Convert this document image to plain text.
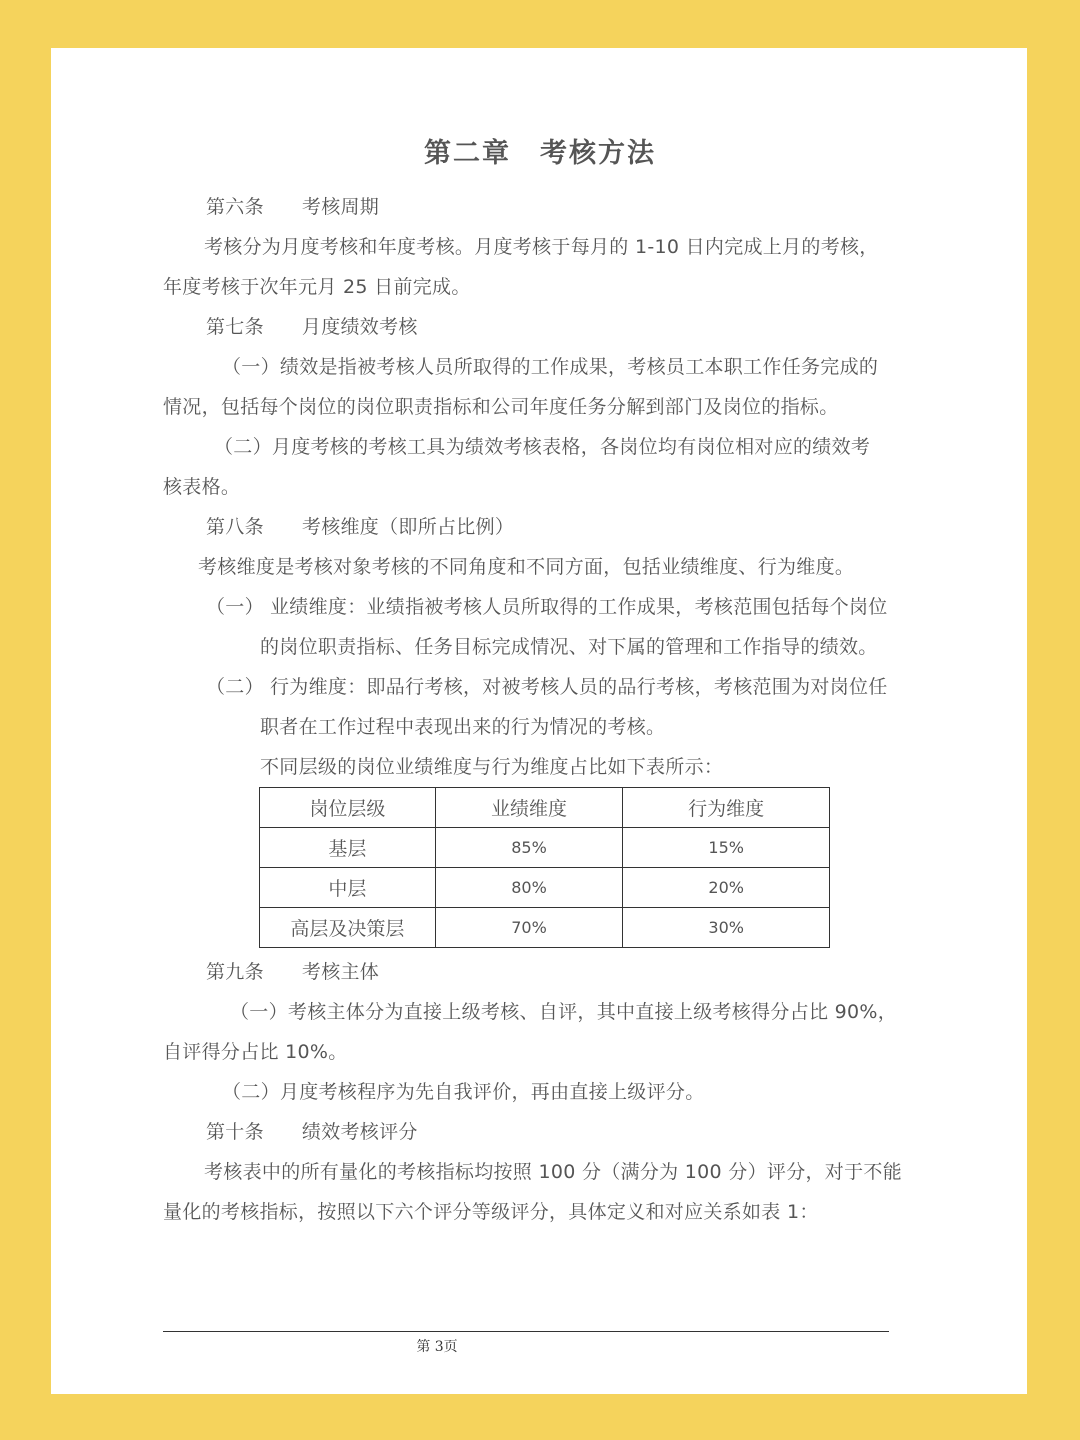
第二章　考核方法
第六条 考核周期
考核分为月度考核和年度考核。月度考核于每月的 1-10 日内完成上月的考核，
年度考核于次年元月 25 日前完成。
第七条 月度绩效考核
（一）绩效是指被考核人员所取得的工作成果，考核员工本职工作任务完成的
情况，包括每个岗位的岗位职责指标和公司年度任务分解到部门及岗位的指标。
（二）月度考核的考核工具为绩效考核表格，各岗位均有岗位相对应的绩效考
核表格。
第八条 考核维度（即所占比例）
考核维度是考核对象考核的不同角度和不同方面，包括业绩维度、行为维度。
（一） 业绩维度：业绩指被考核人员所取得的工作成果，考核范围包括每个岗位
的岗位职责指标、任务目标完成情况、对下属的管理和工作指导的绩效。
（二） 行为维度：即品行考核，对被考核人员的品行考核，考核范围为对岗位任
职者在工作过程中表现出来的行为情况的考核。
不同层级的岗位业绩维度与行为维度占比如下表所示：
岗位层级	业绩维度	行为维度
基层	85%	15%
中层	80%	20%
高层及决策层	70%	30%
第九条 考核主体
（一）考核主体分为直接上级考核、自评，其中直接上级考核得分占比 90%，
自评得分占比 10%。
（二）月度考核程序为先自我评价，再由直接上级评分。
第十条 绩效考核评分
考核表中的所有量化的考核指标均按照 100 分（满分为 100 分）评分，对于不能
量化的考核指标，按照以下六个评分等级评分，具体定义和对应关系如表 1：
第 3页
